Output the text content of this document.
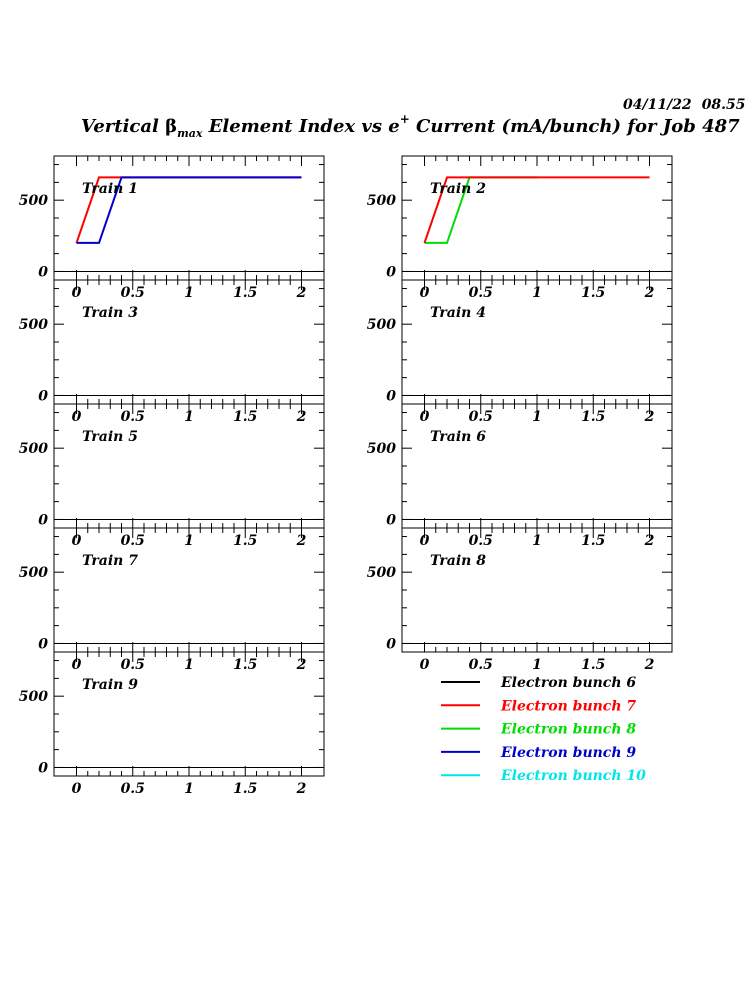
04/11/22 08.55
Vertical $\beta_{max}$ Element Index vs e+ Current (mA/bunch) for Job 487
0
500
0	0.5	1	1.5	2
Train 1
0
500
0	0.5	1	1.5	2
Train 2
0
500
0	0.5	1	1.5	2
Train 3
0
500
0	0.5	1	1.5	2
Train 4
0
500
0	0.5	1	1.5	2
Train 5
0
500
0	0.5	1	1.5	2
Train 6
0
500
0	0.5	1	1.5	2
Train 7
0
500
0	0.5	1	1.5	2
Train 8
0
500
0	0.5	1	1.5	2
Train 9	Electron bunch 6
Electron bunch 7
Electron bunch 8
Electron bunch 9
Electron bunch 10
